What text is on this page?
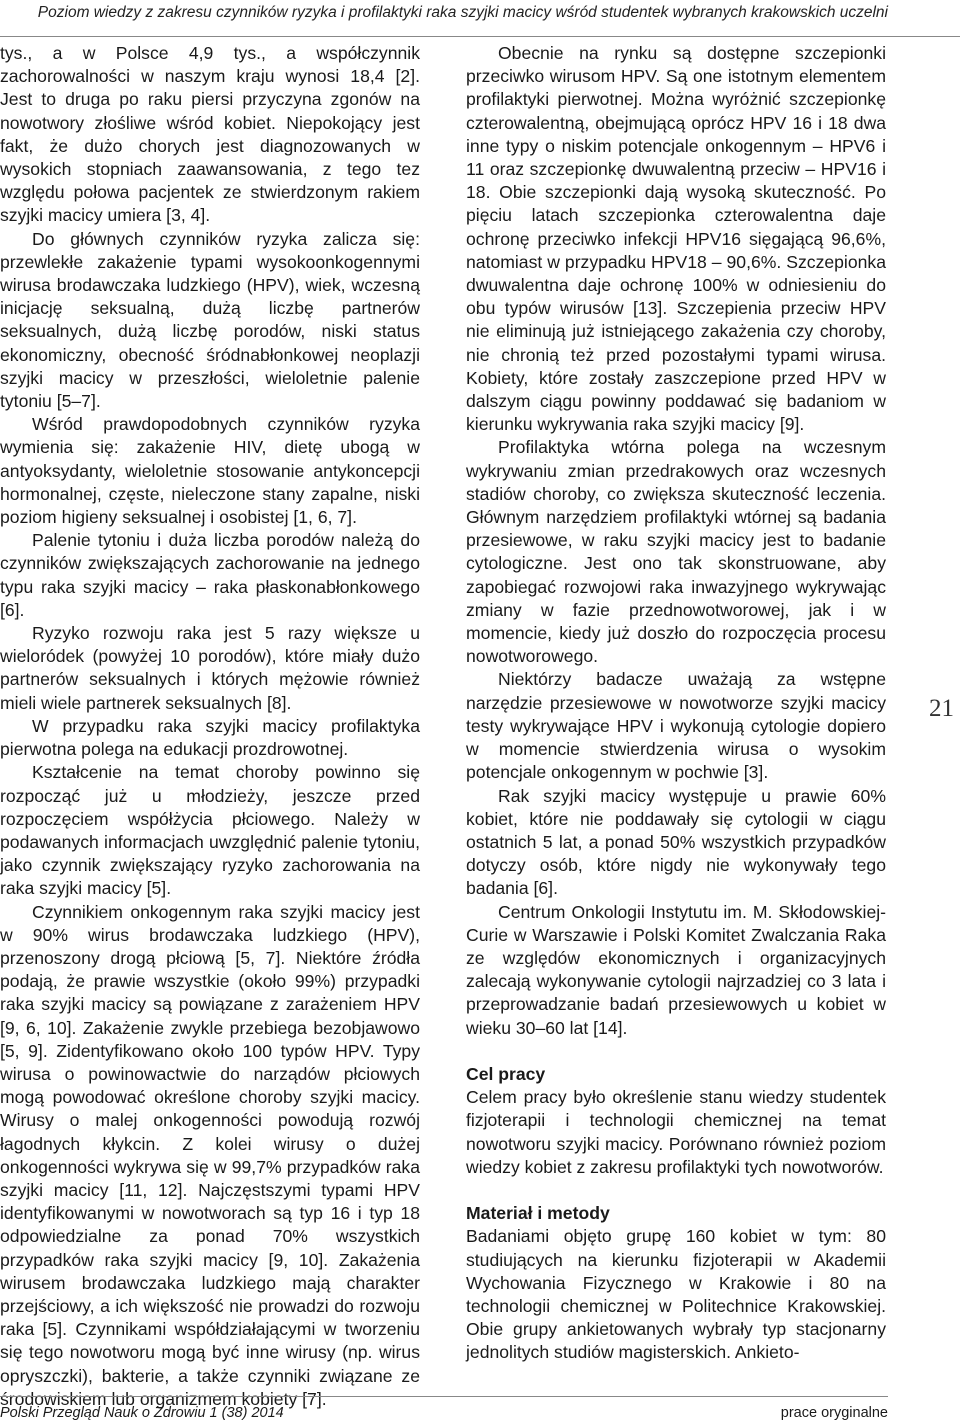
Poziom wiedzy z zakresu czynników ryzyka i profilaktyki raka szyjki macicy wśród studentek wybranych krakowskich uczelni

tys., a w Polsce 4,9 tys., a współczynnik zachorowalności w naszym kraju wynosi 18,4 [2]. Jest to druga po raku piersi przyczyna zgonów na nowotwory złośliwe wśród kobiet. Niepokojący jest fakt, że dużo chorych jest diagnozowanych w wysokich stopniach zaawansowania, z tego tez względu połowa pacjentek ze stwierdzonym rakiem szyjki macicy umiera [3, 4].

Do głównych czynników ryzyka zalicza się: przewlekłe zakażenie typami wysokoonkogennymi wirusa brodawczaka ludzkiego (HPV), wiek, wczesną inicjację seksualną, dużą liczbę partnerów seksualnych, dużą liczbę porodów, niski status ekonomiczny, obecność śródnabłonkowej neoplazji szyjki macicy w przeszłości, wieloletnie palenie tytoniu [5–7].

Wśród prawdopodobnych czynników ryzyka wymienia się: zakażenie HIV, dietę ubogą w antyoksydanty, wieloletnie stosowanie antykoncepcji hormonalnej, częste, nieleczone stany zapalne, niski poziom higieny seksualnej i osobistej [1, 6, 7].

Palenie tytoniu i duża liczba porodów należą do czynników zwiększających zachorowanie na jednego typu raka szyjki macicy – raka płaskonabłonkowego [6].

Ryzyko rozwoju raka jest 5 razy większe u wieloródek (powyżej 10 porodów), które miały dużo partnerów seksualnych i których mężowie również mieli wiele partnerek seksualnych [8].

W przypadku raka szyjki macicy profilaktyka pierwotna polega na edukacji prozdrowotnej.

Kształcenie na temat choroby powinno się rozpocząć już u młodzieży, jeszcze przed rozpoczęciem współżycia płciowego. Należy w podawanych informacjach uwzględnić palenie tytoniu, jako czynnik zwiększający ryzyko zachorowania na raka szyjki macicy [5].

Czynnikiem onkogennym raka szyjki macicy jest w 90% wirus brodawczaka ludzkiego (HPV), przenoszony drogą płciową [5, 7]. Niektóre źródła podają, że prawie wszystkie (około 99%) przypadki raka szyjki macicy są powiązane z zarażeniem HPV [9, 6, 10]. Zakażenie zwykle przebiega bezobjawowo [5, 9]. Zidentyfikowano około 100 typów HPV. Typy wirusa o powinowactwie do narządów płciowych mogą powodować określone choroby szyjki macicy. Wirusy o malej onkogenności powodują rozwój łagodnych kłykcin. Z kolei wirusy o dużej onkogenności wykrywa się w 99,7% przypadków raka szyjki macicy [11, 12]. Najczęstszymi typami HPV identyfikowanymi w nowotworach są typ 16 i typ 18 odpowiedzialne za ponad 70% wszystkich przypadków raka szyjki macicy [9, 10]. Zakażenia wirusem brodawczaka ludzkiego mają charakter przejściowy, a ich większość nie prowadzi do rozwoju raka [5]. Czynnikami współdziałającymi w tworzeniu się tego nowotworu mogą być inne wirusy (np. wirus opryszczki), bakterie, a także czynniki związane ze środowiskiem lub organizmem kobiety [7].

Obecnie na rynku są dostępne szczepionki przeciwko wirusom HPV. Są one istotnym elementem profilaktyki pierwotnej. Można wyróżnić szczepionkę czterowalentną, obejmującą oprócz HPV 16 i 18 dwa inne typy o niskim potencjale onkogennym – HPV6 i 11 oraz szczepionkę dwuwalentną przeciw – HPV16 i 18. Obie szczepionki dają wysoką skuteczność. Po pięciu latach szczepionka czterowalentna daje ochronę przeciwko infekcji HPV16 sięgającą 96,6%, natomiast w przypadku HPV18 – 90,6%. Szczepionka dwuwalentna daje ochronę 100% w odniesieniu do obu typów wirusów [13]. Szczepienia przeciw HPV nie eliminują już istniejącego zakażenia czy choroby, nie chronią też przed pozostałymi typami wirusa. Kobiety, które zostały zaszczepione przed HPV w dalszym ciągu powinny poddawać się badaniom w kierunku wykrywania raka szyjki macicy [9].

Profilaktyka wtórna polega na wczesnym wykrywaniu zmian przedrakowych oraz wczesnych stadiów choroby, co zwiększa skuteczność leczenia. Głównym narzędziem profilaktyki wtórnej są badania przesiewowe, w raku szyjki macicy jest to badanie cytologiczne. Jest ono tak skonstruowane, aby zapobiegać rozwojowi raka inwazyjnego wykrywając zmiany w fazie przednowotworowej, jak i w momencie, kiedy już doszło do rozpoczęcia procesu nowotworowego.

Niektórzy badacze uważają za wstępne narzędzie przesiewowe w nowotworze szyjki macicy testy wykrywające HPV i wykonują cytologie dopiero w momencie stwierdzenia wirusa o wysokim potencjale onkogennym w pochwie [3].

Rak szyjki macicy występuje u prawie 60% kobiet, które nie poddawały się cytologii w ciągu ostatnich 5 lat, a ponad 50% wszystkich przypadków dotyczy osób, które nigdy nie wykonywały tego badania [6].

Centrum Onkologii Instytutu im. M. Skłodowskiej-Curie w Warszawie i Polski Komitet Zwalczania Raka ze względów ekonomicznych i organizacyjnych zalecają wykonywanie cytologii najrzadziej co 3 lata i przeprowadzanie badań przesiewowych u kobiet w wieku 30–60 lat [14].

Cel pracy

Celem pracy było określenie stanu wiedzy studentek fizjoterapii i technologii chemicznej na temat nowotworu szyjki macicy. Porównano również poziom wiedzy kobiet z zakresu profilaktyki tych nowotworów.

Materiał i metody

Badaniami objęto grupę 160 kobiet w tym: 80 studiujących na kierunku fizjoterapii w Akademii Wychowania Fizycznego w Krakowie i 80 na technologii chemicznej w Politechnice Krakowskiej. Obie grupy ankietowanych wybrały typ stacjonarny jednolitych studiów magisterskich. Ankieto-

21
Polski Przegląd Nauk o Zdrowiu 1 (38) 2014	prace oryginalne
